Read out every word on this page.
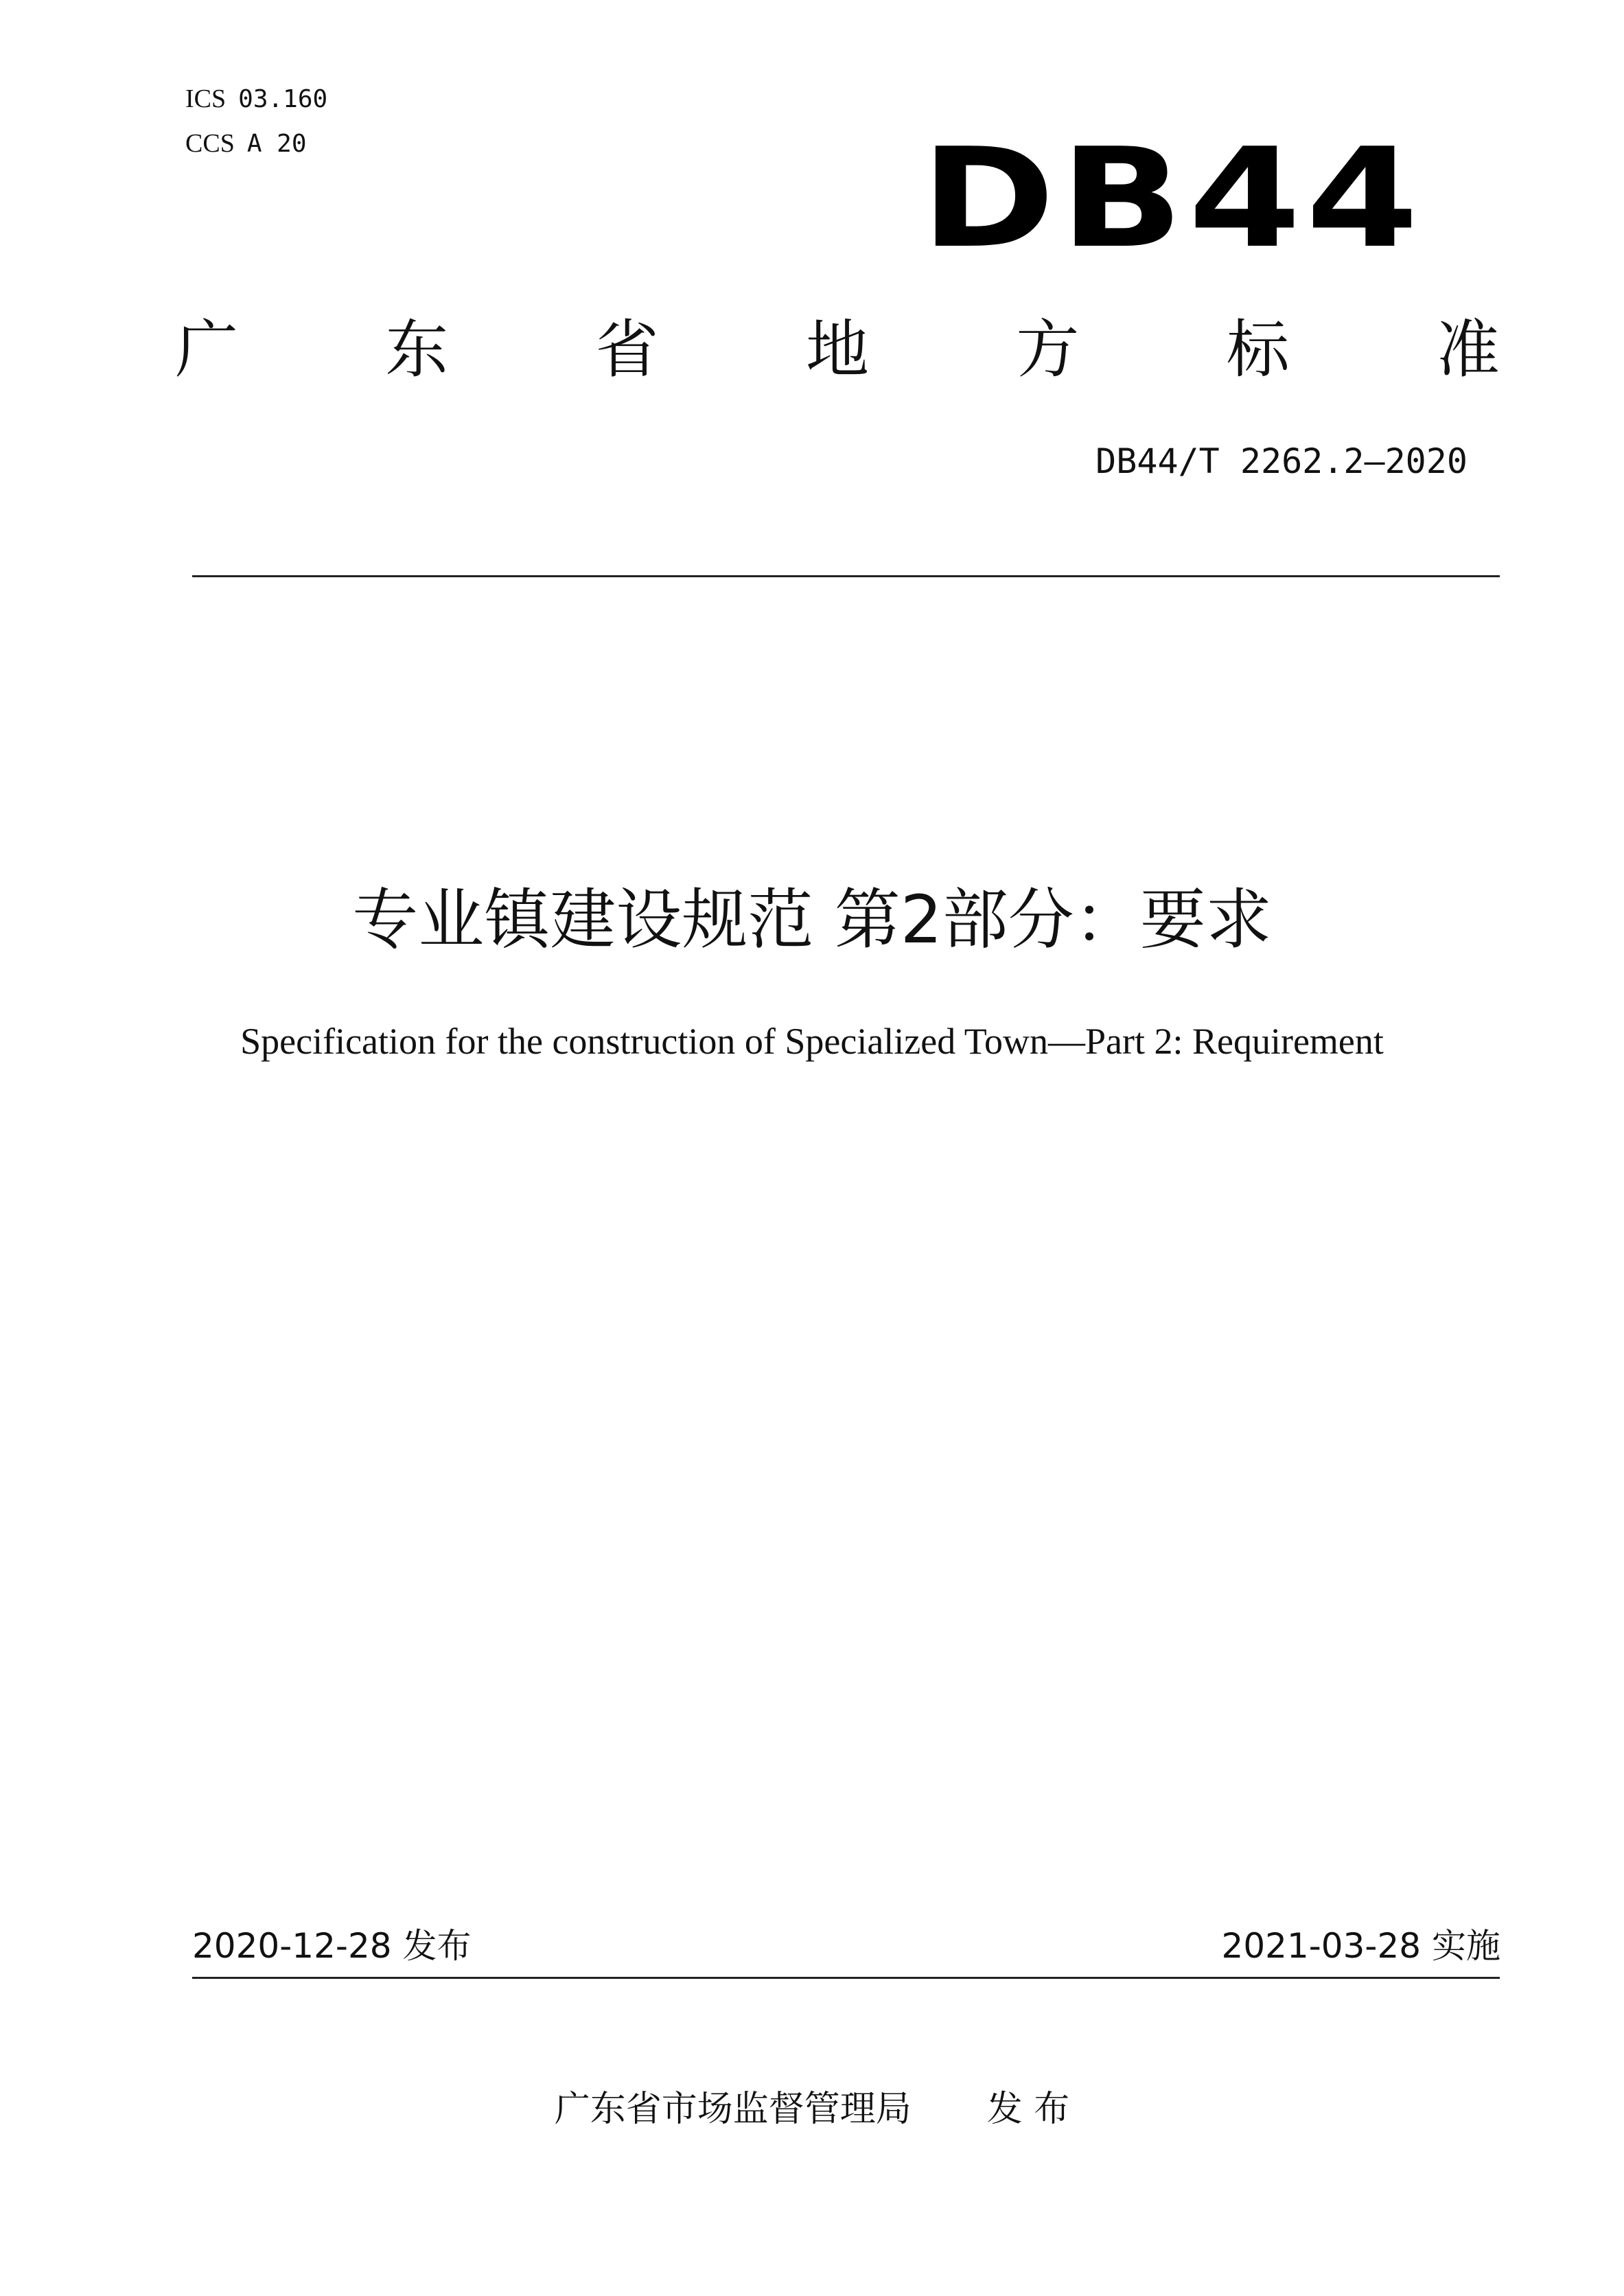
ICS 03.160
CCS A 20	DB44
广 东 省 地 方 标 准
DB44/T 2262.2—2020
专业镇建设规范 第2部分：要求
Specification for the construction of Specialized Town—Part 2: Requirement
2020-12-28 发布	2021-03-28 实施
广东省市场监督管理局 发 布
